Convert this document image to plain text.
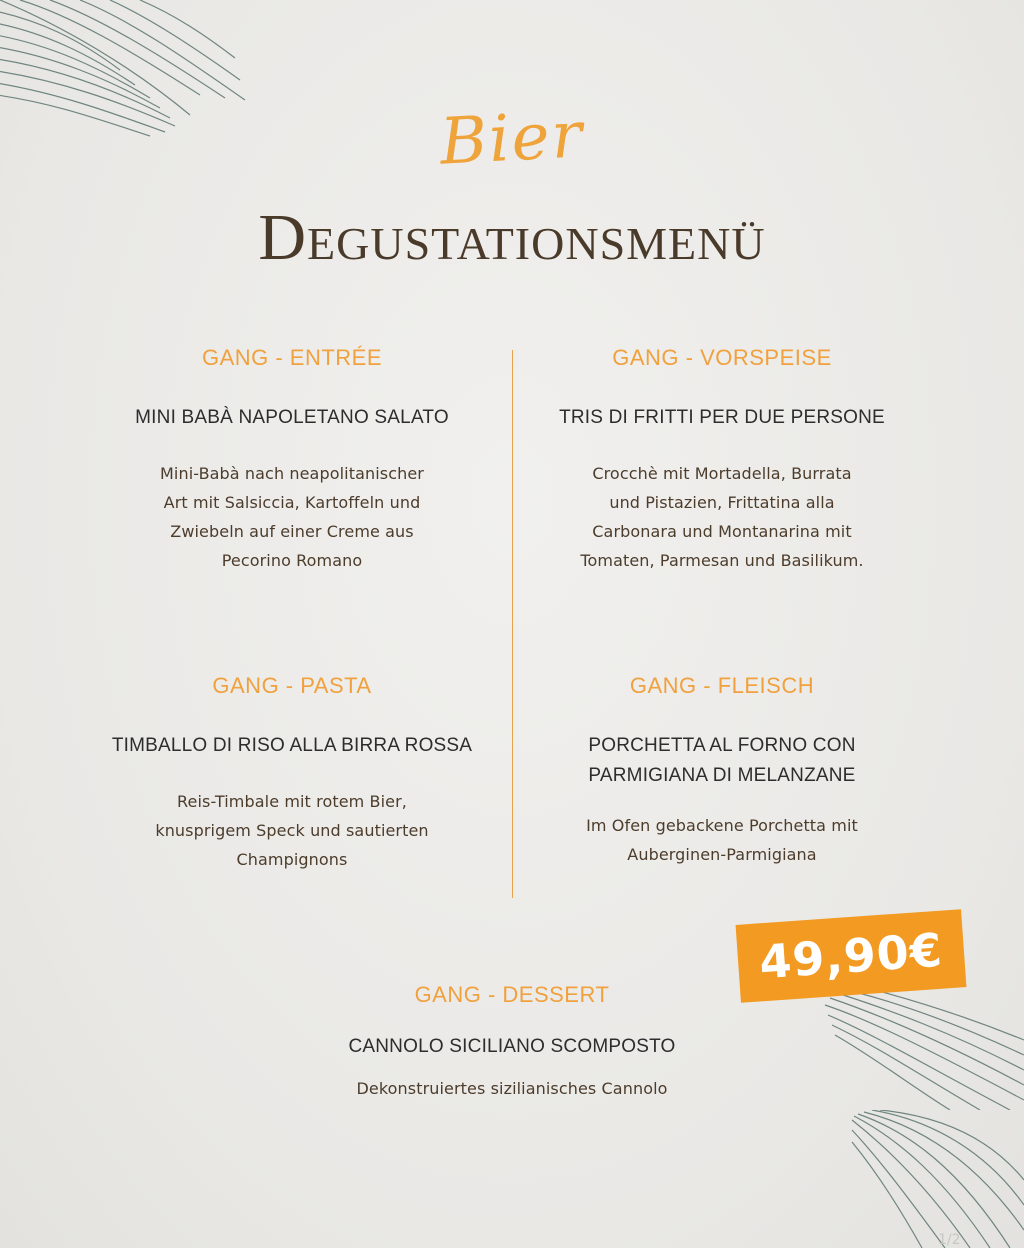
Bier
Degustationsmenü
GANG - ENTRÉE
MINI BABÀ NAPOLETANO SALATO
Mini-Babà nach neapolitanischer
Art mit Salsiccia, Kartoffeln und
Zwiebeln auf einer Creme aus
Pecorino Romano
GANG - VORSPEISE
TRIS DI FRITTI PER DUE PERSONE
Crocchè mit Mortadella, Burrata
und Pistazien, Frittatina alla
Carbonara und Montanarina mit
Tomaten, Parmesan und Basilikum.
GANG - PASTA
TIMBALLO DI RISO ALLA BIRRA ROSSA
Reis-Timbale mit rotem Bier,
knusprigem Speck und sautierten
Champignons
GANG - FLEISCH
PORCHETTA AL FORNO CON
PARMIGIANA DI MELANZANE
Im Ofen gebackene Porchetta mit
Auberginen-Parmigiana
GANG - DESSERT
CANNOLO SICILIANO SCOMPOSTO
Dekonstruiertes sizilianisches Cannolo
49,90€
1/2
